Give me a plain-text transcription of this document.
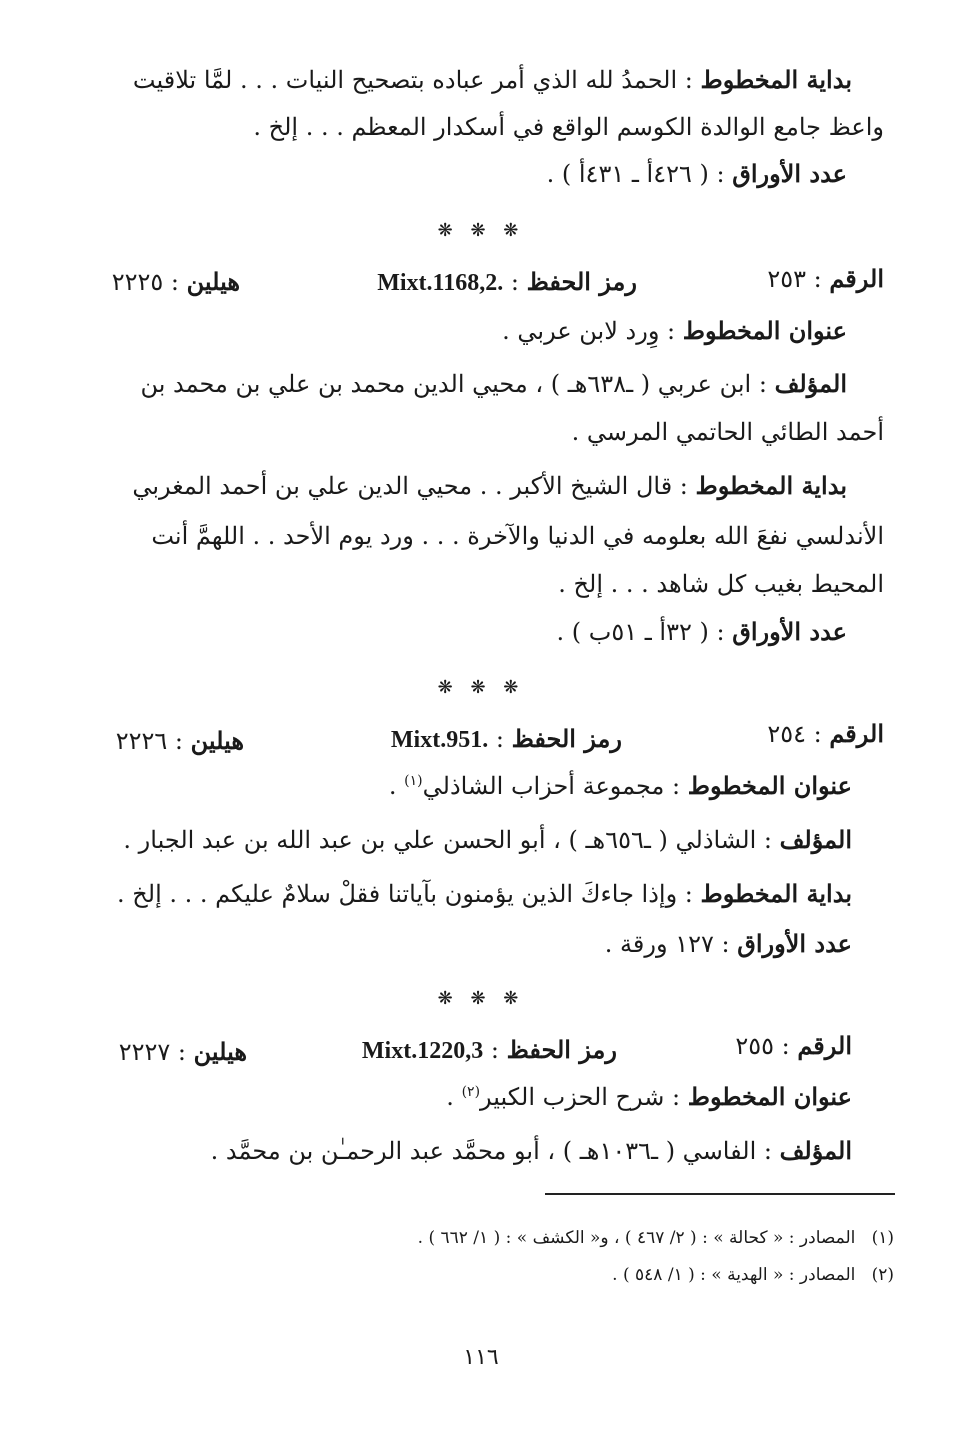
بداية المخطوط : الحمدُ لله الذي أمر عباده بتصحيح النيات . . . لمَّا تلاقيت
واعظ جامع الوالدة الكوسم الواقع في أسكدار المعظم . . . إلخ .
عدد الأوراق : ( ٤٢٦أ ـ ٤٣١أ ) .
❋ ❋ ❋
الرقم : ٢٥٣
رمز الحفظ : Mixt.1168,2.
هيلين : ٢٢٢٥
عنوان المخطوط : وِرد لابن عربي .
المؤلف : ابن عربي ( ـ٦٣٨هـ ) ، محيي الدين محمد بن علي بن محمد بن
أحمد الطائي الحاتمي المرسي .
بداية المخطوط : قال الشيخ الأكبر . . محيي الدين علي بن أحمد المغربي
الأندلسي نفعَ الله بعلومه في الدنيا والآخرة . . . ورد يوم الأحد . . اللهمَّ أنت
المحيط بغيب كل شاهد . . . إلخ .
عدد الأوراق : ( ٣٢أ ـ ٥١ب ) .
❋ ❋ ❋
الرقم : ٢٥٤
رمز الحفظ : Mixt.951.
هيلين : ٢٢٢٦
عنوان المخطوط : مجموعة أحزاب الشاذلي$^{(١)}$ .
المؤلف : الشاذلي ( ـ٦٥٦هـ ) ، أبو الحسن علي بن عبد الله بن عبد الجبار .
بداية المخطوط : وإذا جاءكَ الذين يؤمنون بآياتنا فقلْ سلامٌ عليكم . . . إلخ .
عدد الأوراق : ١٢٧ ورقة .
❋ ❋ ❋
الرقم : ٢٥٥
رمز الحفظ : Mixt.1220,3
هيلين : ٢٢٢٧
عنوان المخطوط : شرح الحزب الكبير$^{(٢)}$ .
المؤلف : الفاسي ( ـ١٠٣٦هـ ) ، أبو محمَّد عبد الرحمـٰن بن محمَّد .
(١)   المصادر : « كحالة » : ( ٢/ ٤٦٧ ) ، و« الكشف » : ( ١/ ٦٦٢ ) .
(٢)   المصادر : « الهدية » : ( ١/ ٥٤٨ ) .
١١٦
